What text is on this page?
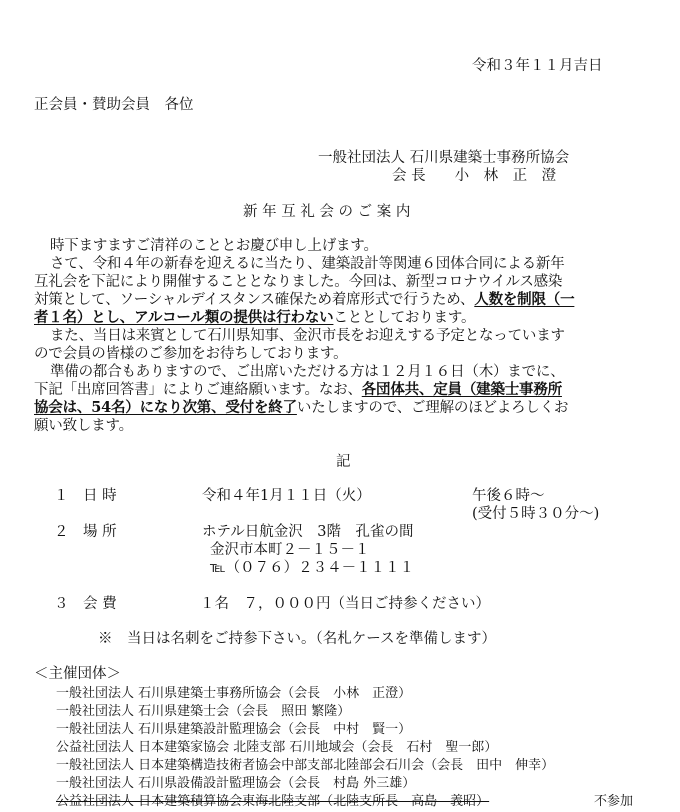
令和３年１１月吉日
正会員・賛助会員　各位
一般社団法人 石川県建築士事務所協会
会 長　　小　林　正　澄
新 年 互 礼 会 の ご 案 内
時下ますますご清祥のこととお慶び申し上げます。
さて、令和４年の新春を迎えるに当たり、建築設計等関連６団体合同による新年
互礼会を下記により開催することとなりました。今回は、新型コロナウイルス感染
対策として、ソーシャルデイスタンス確保ため着席形式で行うため、人数を制限（一
者１名）とし、アルコール類の提供は行わないこととしております。
また、当日は来賓として石川県知事、金沢市長をお迎えする予定となっています
ので会員の皆様のご参加をお待ちしております。
準備の都合もありますので、ご出席いただける方は１２月１６日（木）までに、
下記「出席回答書」によりご連絡願います。なお、各団体共、定員（建築士事務所
協会は、54名）になり次第、受付を終了いたしますので、ご理解のほどよろしくお
願い致します。
記
１　日 時	令和４年1月１１日（火）	午後６時～
(受付５時３０分～)
２　場 所	ホテル日航金沢　3階　孔雀の間
金沢市本町２－１５－１
℡（０７６）２３４－１１１１
３　会 費	１名　７，０００円（当日ご持参ください）
※　当日は名刺をご持参下さい。（名札ケースを準備します）
＜主催団体＞
一般社団法人 石川県建築士事務所協会（会長　小林　正澄）
一般社団法人 石川県建築士会（会長　照田 繁隆）
一般社団法人 石川県建築設計監理協会（会長　中村　賢一）
公益社団法人 日本建築家協会 北陸支部 石川地域会（会長　石村　聖一郎）
一般社団法人 日本建築構造技術者協会中部支部北陸部会石川会（会長　田中　伸幸）
一般社団法人 石川県設備設計監理協会（会長　村島 外三雄）
公益社団法人 日本建築積算協会東海北陸支部（北陸支所長　高島　義昭）	不参加
